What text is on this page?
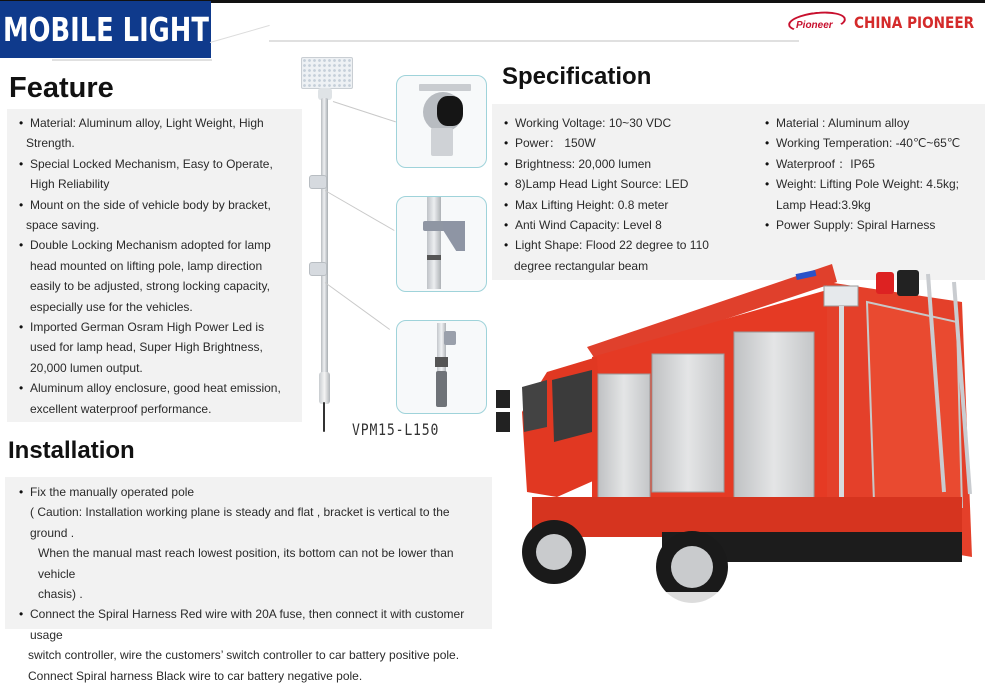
MOBILE LIGHT	Pioneer CHINA PIONEER
Feature
• Material: Aluminum alloy, Light Weight, High
Strength.
• Special Locked Mechanism, Easy to Operate,
High Reliability
• Mount on the side of vehicle body by bracket,
space saving.
• Double Locking Mechanism adopted for lamp
head mounted on lifting pole, lamp direction
easily to be adjusted, strong locking capacity,
especially use for the vehicles.
• Imported German Osram High Power Led is
used for lamp head, Super High Brightness,
20,000 lumen output.
• Aluminum alloy enclosure, good heat emission,
excellent waterproof performance.
VPM15-L150
Specification
• Working Voltage: 10~30 VDC
• Power： 150W
• Brightness: 20,000 lumen
• 8)Lamp Head Light Source: LED
• Max Lifting Height: 0.8 meter
• Anti Wind Capacity: Level 8
• Light Shape: Flood 22 degree to 110
degree rectangular beam
• Material : Aluminum alloy
• Working Temperation: -40℃~65℃
• Waterproof ：IP65
• Weight: Lifting Pole Weight: 4.5kg;
Lamp Head:3.9kg
• Power Supply: Spiral Harness
Installation
• Fix the manually operated pole
( Caution: Installation working plane is steady and flat , bracket is vertical to the ground .
When the manual mast reach lowest position, its bottom can not be lower than vehicle
chasis) .
• Connect the Spiral Harness Red wire with 20A fuse, then connect it with customer usage
switch controller, wire the customers’ switch controller to car battery positive pole.
Connect Spiral harness Black wire to car battery negative pole.
